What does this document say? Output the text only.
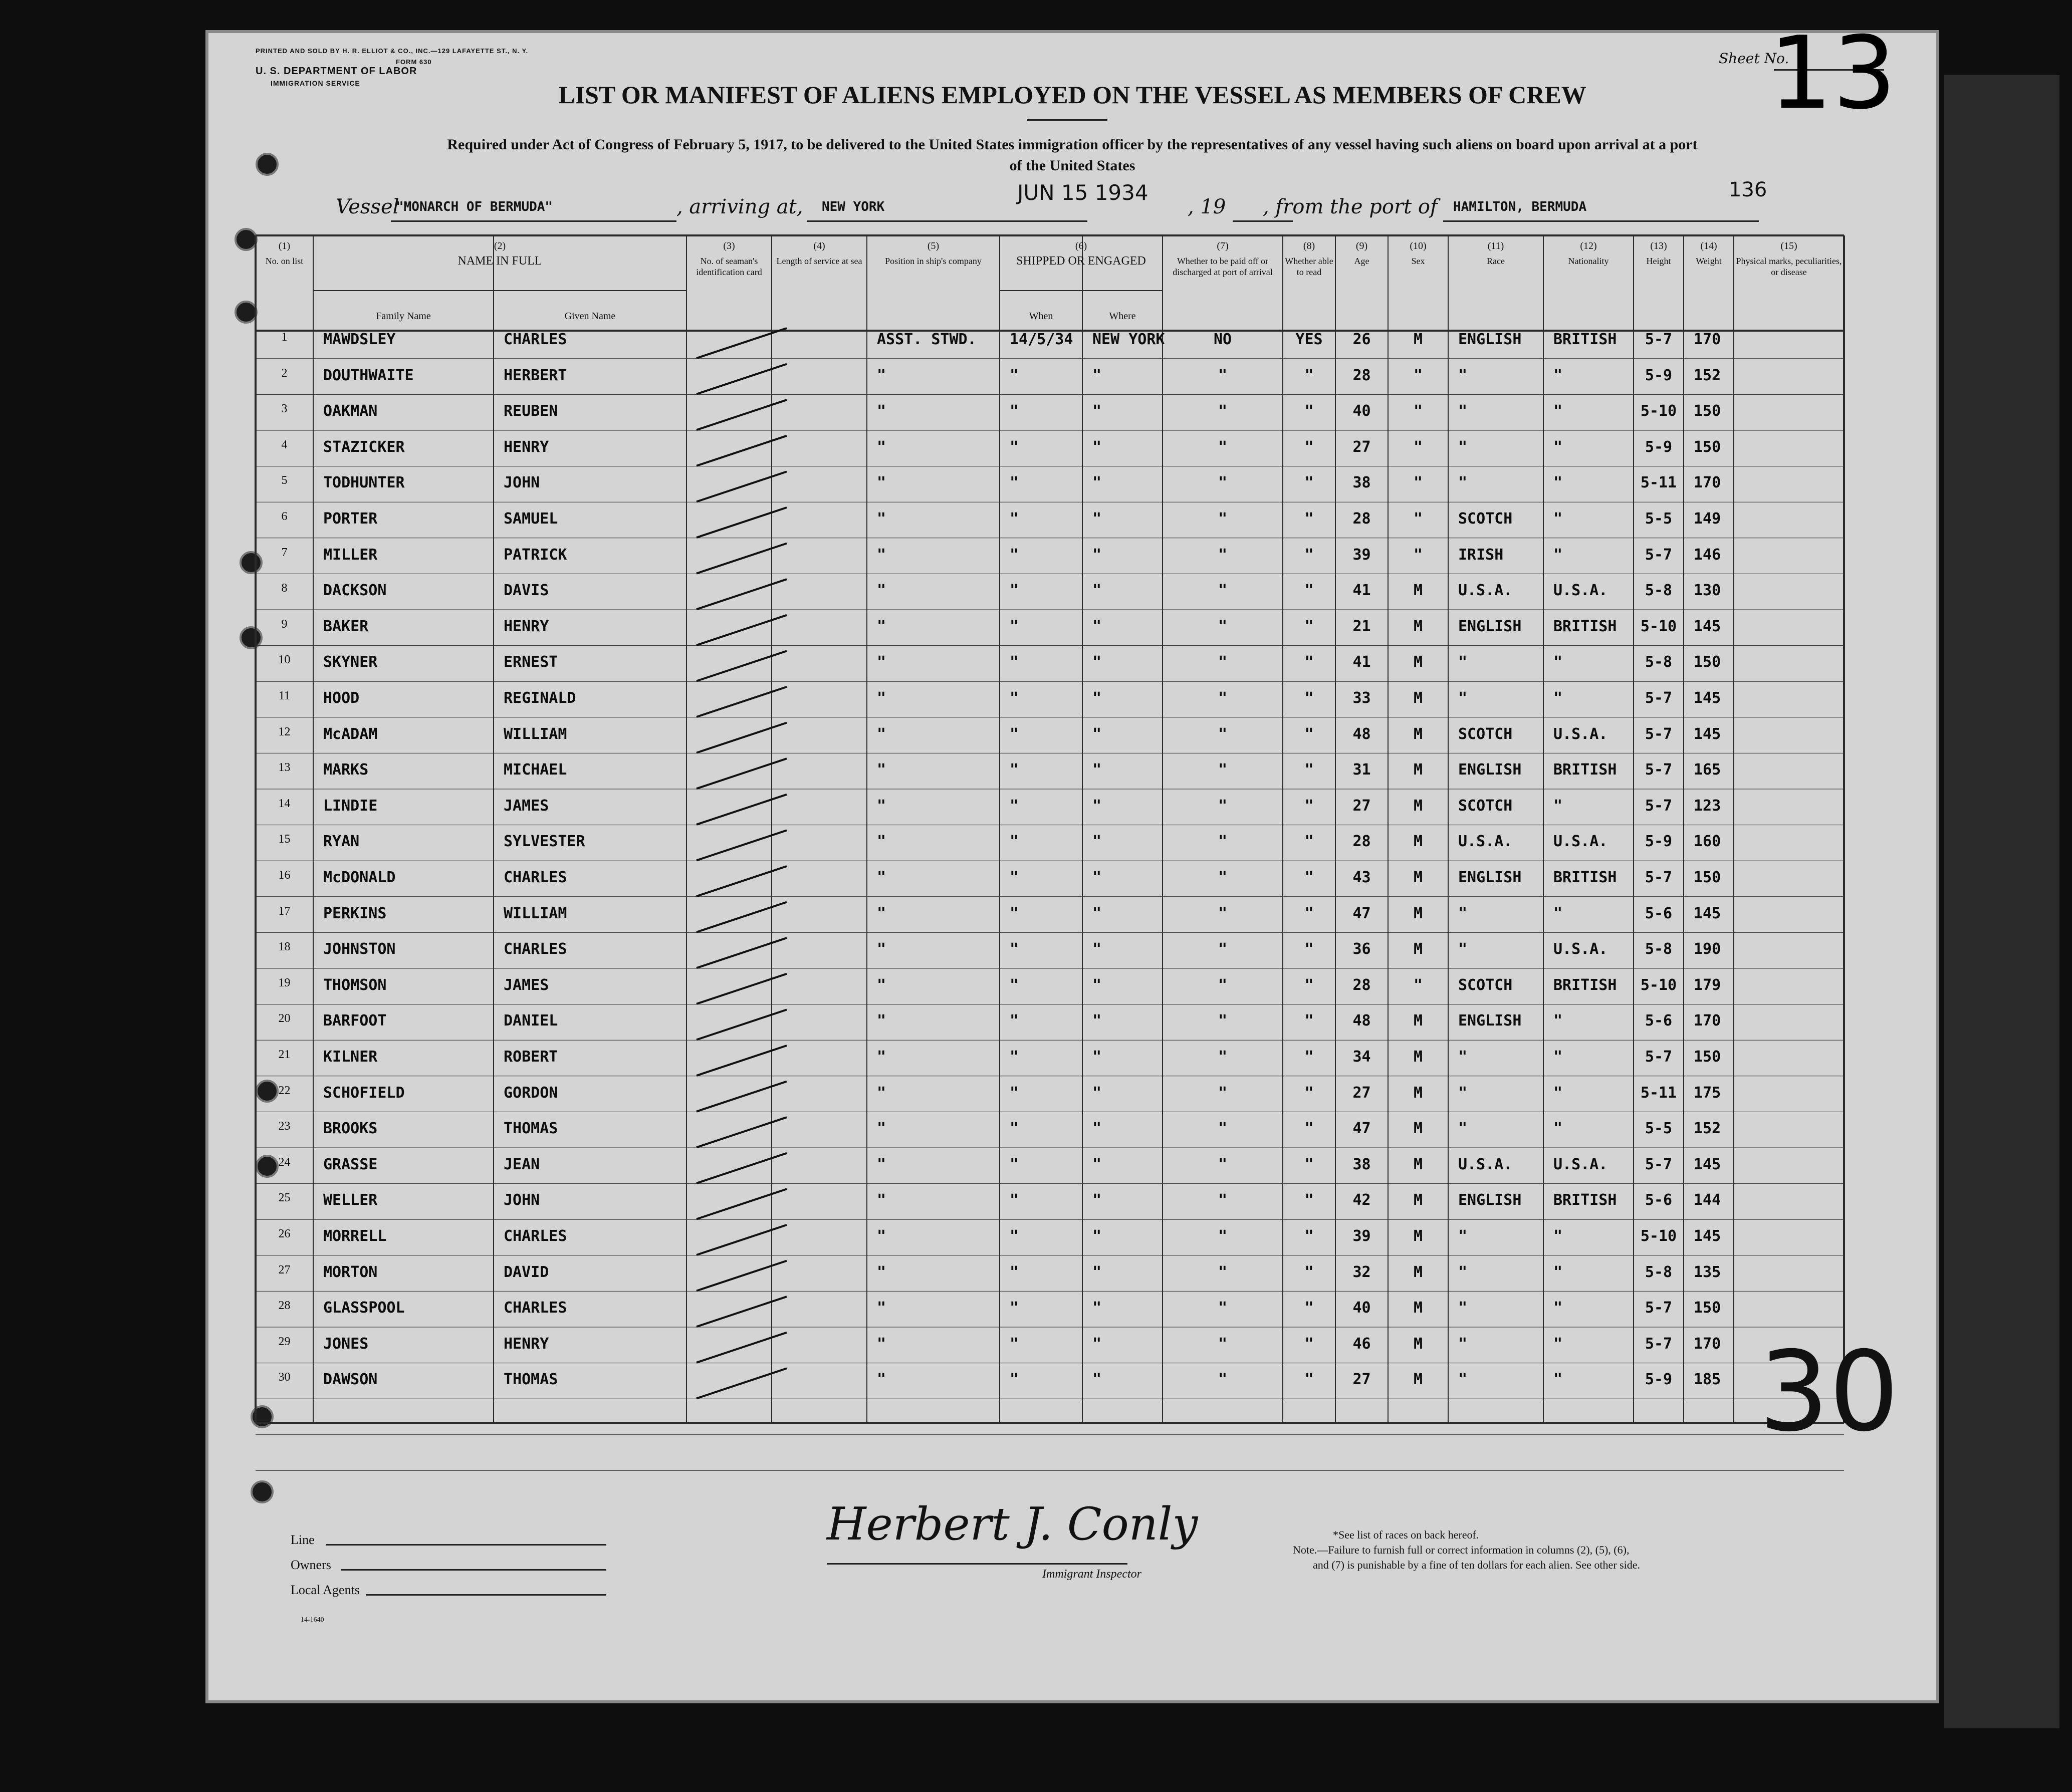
PRINTED AND SOLD BY H. R. ELLIOT & CO., INC.—129 LAFAYETTE ST., N. Y.
FORM 630
U. S. DEPARTMENT OF LABOR
IMMIGRATION SERVICE
Sheet No.
13
LIST OR MANIFEST OF ALIENS EMPLOYED ON THE VESSEL AS MEMBERS OF CREW
Required under Act of Congress of February 5, 1917, to be delivered to the United States immigration officer by the representatives of any vessel having such aliens on board upon arrival at a port
of the United States
Vessel
"MONARCH OF BERMUDA"	, arriving at, NEW YORK
JUN 15 1934
, 19 , from the port of HAMILTON, BERMUDA
136
(1)
No. on list
(2)
NAME IN FULL
Family Name	Given Name
(3)
No. of seaman's identification card
(4)
Length of service at sea
(5)
Position in ship's company
(6)
SHIPPED OR ENGAGED
When	Where
(7)
Whether to be paid off or discharged at port of arrival
(8)
Whether able to read
(9)
Age
(10)
Sex
(11)
Race
(12)
Nationality
(13)
Height
(14)
Weight
(15)
Physical marks, peculiarities, or disease
1	MAWDSLEY	CHARLES	ASST. STWD.	14/5/34	NEW YORK	NO	YES	26	M	ENGLISH	BRITISH	5-7	170
2	DOUTHWAITE	HERBERT	"	"	"	"	"	28	"	"	"	5-9	152
3	OAKMAN	REUBEN	"	"	"	"	"	40	"	"	"	5-10	150
4	STAZICKER	HENRY	"	"	"	"	"	27	"	"	"	5-9	150
5	TODHUNTER	JOHN	"	"	"	"	"	38	"	"	"	5-11	170
6	PORTER	SAMUEL	"	"	"	"	"	28	"	SCOTCH	"	5-5	149
7	MILLER	PATRICK	"	"	"	"	"	39	"	IRISH	"	5-7	146
8	DACKSON	DAVIS	"	"	"	"	"	41	M	U.S.A.	U.S.A.	5-8	130
9	BAKER	HENRY	"	"	"	"	"	21	M	ENGLISH	BRITISH	5-10	145
10	SKYNER	ERNEST	"	"	"	"	"	41	M	"	"	5-8	150
11	HOOD	REGINALD	"	"	"	"	"	33	M	"	"	5-7	145
12	McADAM	WILLIAM	"	"	"	"	"	48	M	SCOTCH	U.S.A.	5-7	145
13	MARKS	MICHAEL	"	"	"	"	"	31	M	ENGLISH	BRITISH	5-7	165
14	LINDIE	JAMES	"	"	"	"	"	27	M	SCOTCH	"	5-7	123
15	RYAN	SYLVESTER	"	"	"	"	"	28	M	U.S.A.	U.S.A.	5-9	160
16	McDONALD	CHARLES	"	"	"	"	"	43	M	ENGLISH	BRITISH	5-7	150
17	PERKINS	WILLIAM	"	"	"	"	"	47	M	"	"	5-6	145
18	JOHNSTON	CHARLES	"	"	"	"	"	36	M	"	U.S.A.	5-8	190
19	THOMSON	JAMES	"	"	"	"	"	28	"	SCOTCH	BRITISH	5-10	179
20	BARFOOT	DANIEL	"	"	"	"	"	48	M	ENGLISH	"	5-6	170
21	KILNER	ROBERT	"	"	"	"	"	34	M	"	"	5-7	150
22	SCHOFIELD	GORDON	"	"	"	"	"	27	M	"	"	5-11	175
23	BROOKS	THOMAS	"	"	"	"	"	47	M	"	"	5-5	152
24	GRASSE	JEAN	"	"	"	"	"	38	M	U.S.A.	U.S.A.	5-7	145
25	WELLER	JOHN	"	"	"	"	"	42	M	ENGLISH	BRITISH	5-6	144
26	MORRELL	CHARLES	"	"	"	"	"	39	M	"	"	5-10	145
27	MORTON	DAVID	"	"	"	"	"	32	M	"	"	5-8	135
28	GLASSPOOL	CHARLES	"	"	"	"	"	40	M	"	"	5-7	150
29	JONES	HENRY	"	"	"	"	"	46	M	"	"	5-7	170
30	DAWSON	THOMAS	"	"	"	"	"	27	M	"	"	5-9	185 30
Line
Owners
Local Agents
14-1640
Herbert J. Conly
Immigrant Inspector
*See list of races on back hereof.
Note.—Failure to furnish full or correct information in columns (2), (5), (6),
and (7) is punishable by a fine of ten dollars for each alien. See other side.
